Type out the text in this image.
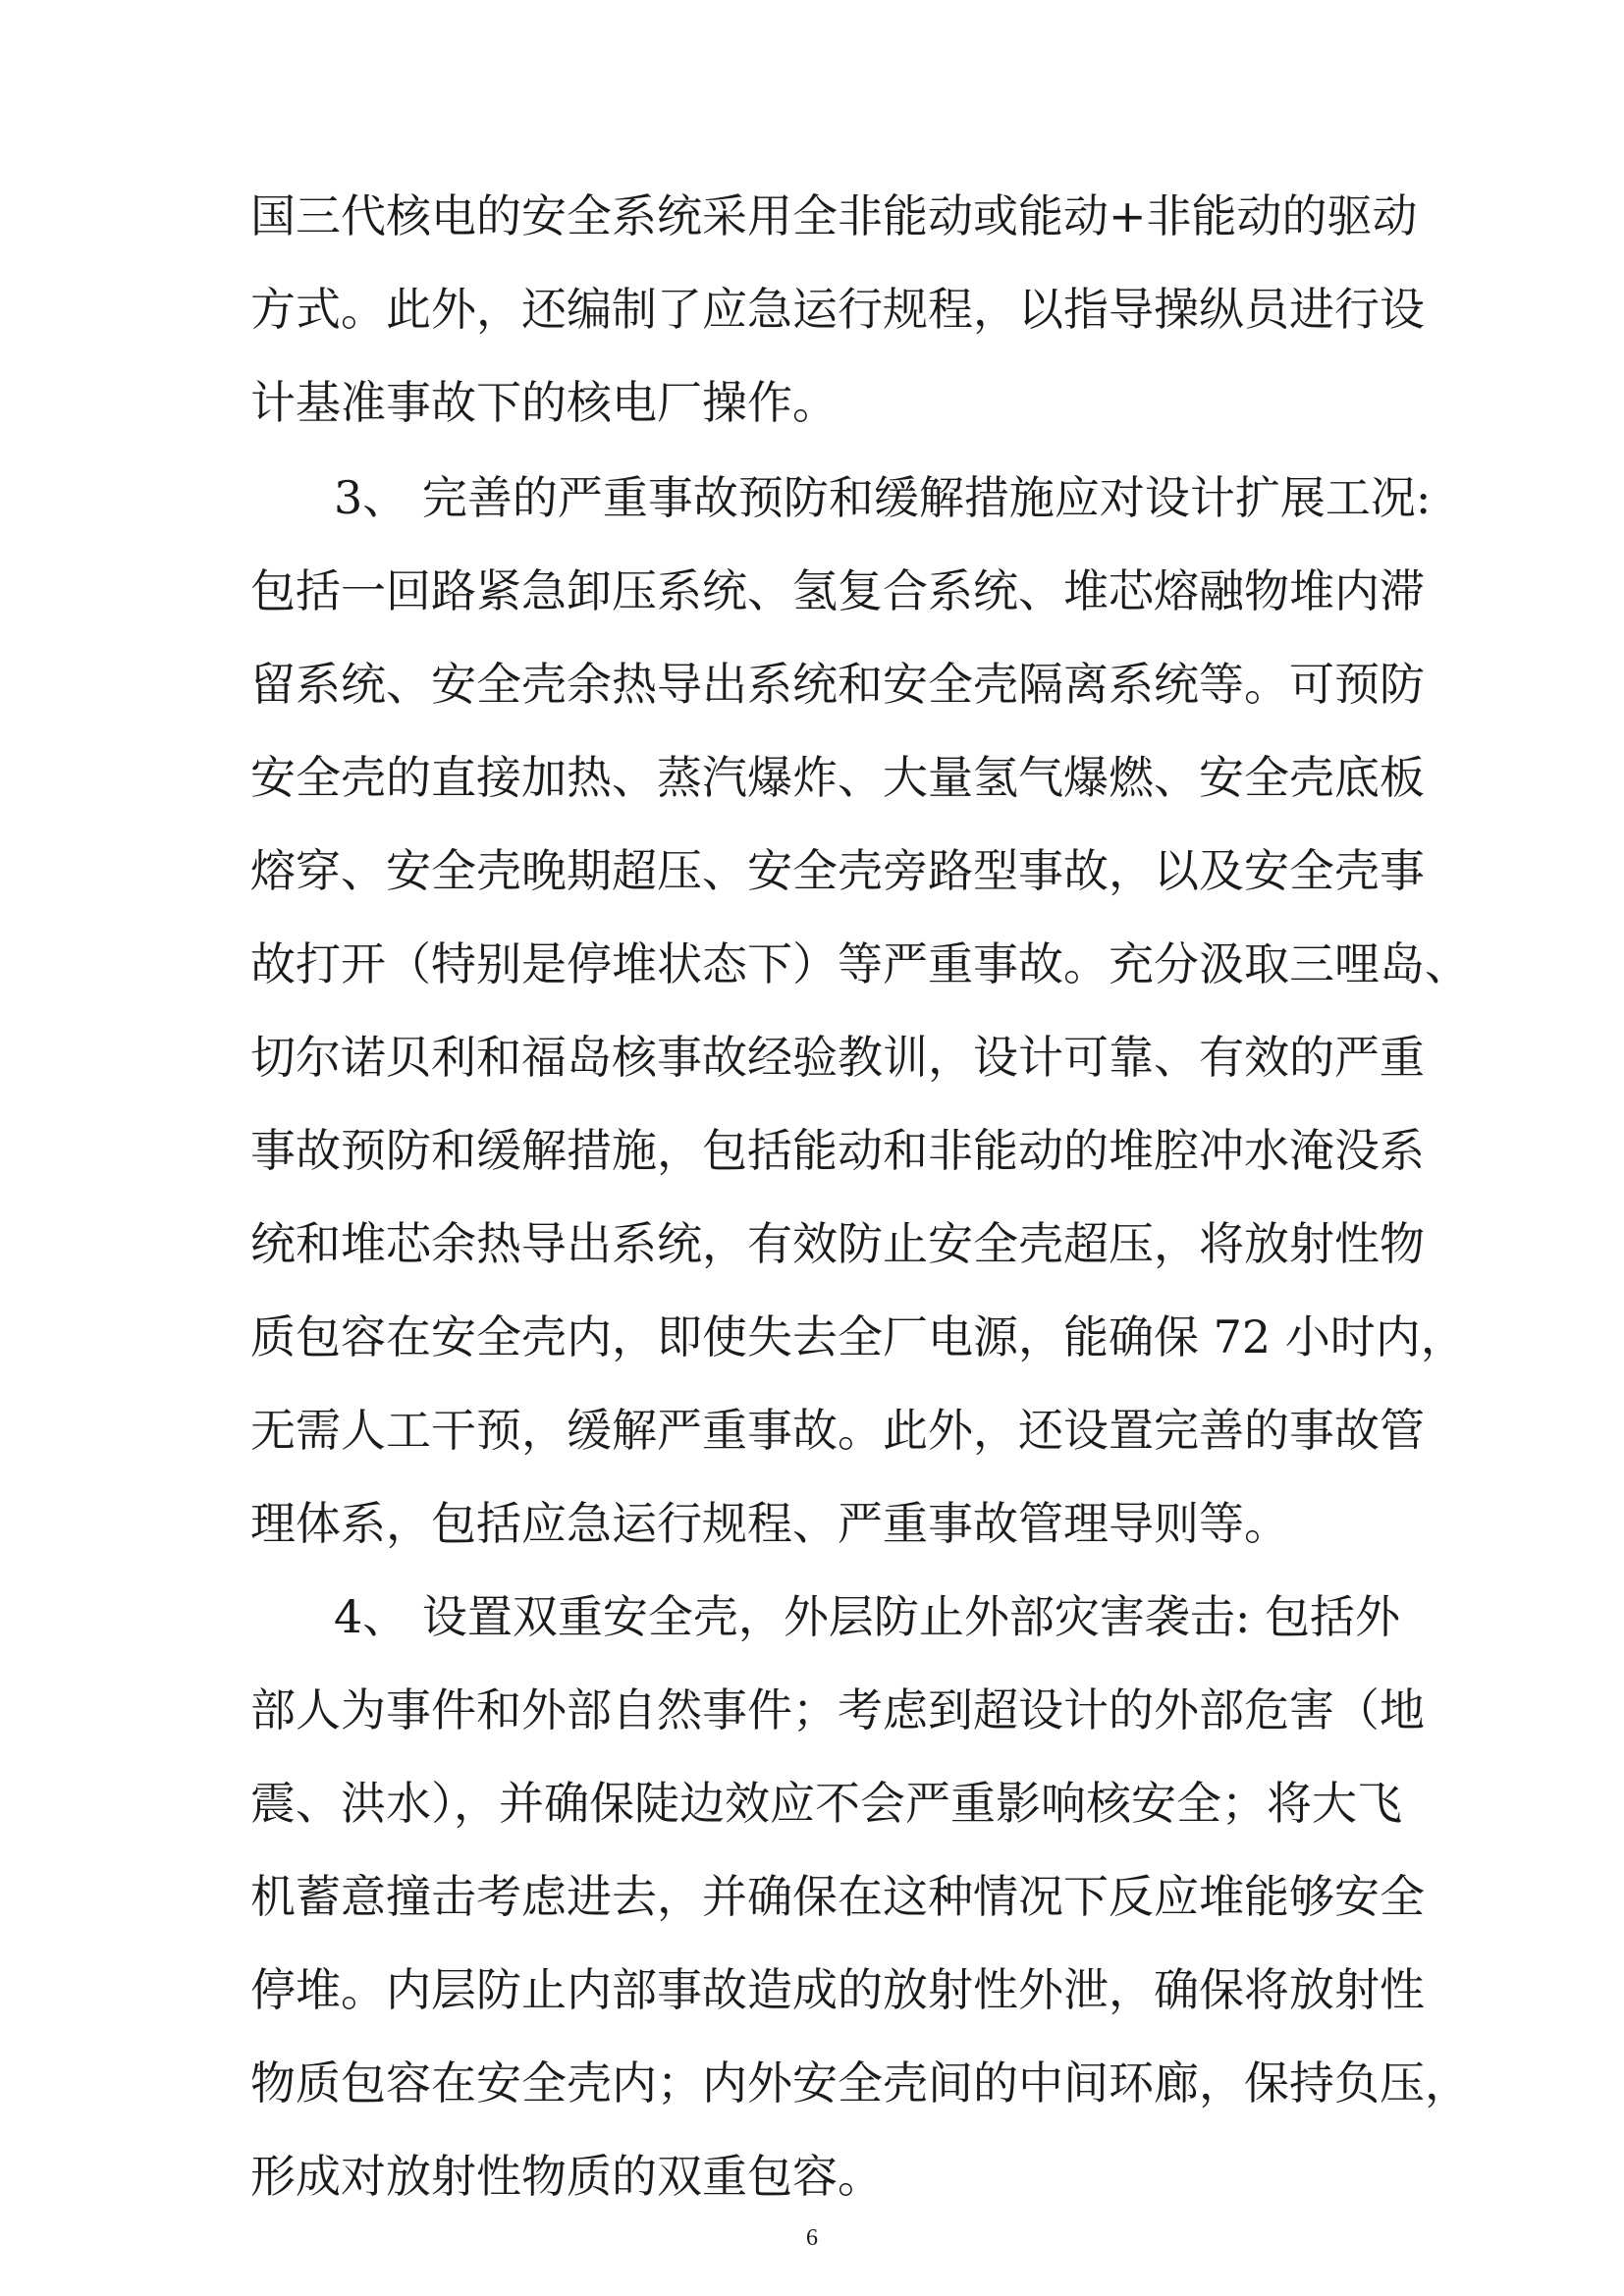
国三代核电的安全系统采用全非能动或能动+非能动的驱动
方式。此外，还编制了应急运行规程，以指导操纵员进行设
计基准事故下的核电厂操作。
3、 完善的严重事故预防和缓解措施应对设计扩展工况:
包括一回路紧急卸压系统、氢复合系统、堆芯熔融物堆内滞
留系统、安全壳余热导出系统和安全壳隔离系统等。可预防
安全壳的直接加热、蒸汽爆炸、大量氢气爆燃、安全壳底板
熔穿、安全壳晚期超压、安全壳旁路型事故，以及安全壳事
故打开（特别是停堆状态下）等严重事故。充分汲取三哩岛、
切尔诺贝利和福岛核事故经验教训，设计可靠、有效的严重
事故预防和缓解措施，包括能动和非能动的堆腔冲水淹没系
统和堆芯余热导出系统，有效防止安全壳超压，将放射性物
质包容在安全壳内，即使失去全厂电源，能确保 72 小时内，
无需人工干预，缓解严重事故。此外，还设置完善的事故管
理体系，包括应急运行规程、严重事故管理导则等。
4、 设置双重安全壳，外层防止外部灾害袭击: 包括外
部人为事件和外部自然事件；考虑到超设计的外部危害（地
震、洪水），并确保陡边效应不会严重影响核安全；将大飞
机蓄意撞击考虑进去，并确保在这种情况下反应堆能够安全
停堆。内层防止内部事故造成的放射性外泄，确保将放射性
物质包容在安全壳内；内外安全壳间的中间环廊，保持负压，
形成对放射性物质的双重包容。
6
